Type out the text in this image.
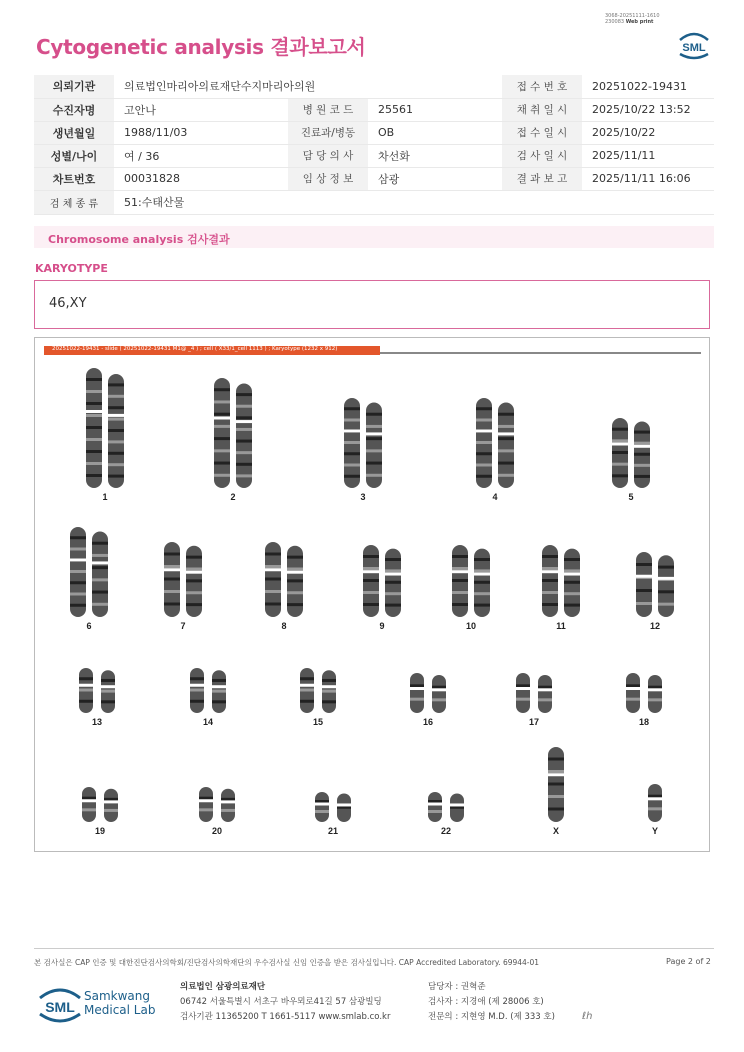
3068-20251111-1610
230083 Web print
Cytogenetic analysis 결과보고서	SML
의뢰기관	의료법인마리아의료재단수지마리아의원			접 수 번 호	20251022-19431
수진자명	고안나	병 원 코 드	25561	채 취 일 시	2025/10/22 13:52
생년월일	1988/11/03	진료과/병동	OB	접 수 일 시	2025/10/22
성별/나이	여 / 36	담 당 의 사	차선화	검 사 일 시	2025/11/11
차트번호	00031828	임 상 정 보	삼광	결 과 보 고	2025/11/11 16:06
검 체 종 류	51:수태산물				
Chromosome analysis 검사결과
KARYOTYPE
46,XY
20251022-19431 - slide ( 20251022-19431 M1@ _4 ) ; cell ( X33/1_cell 1113 ) ; Karyotype (1232 x 912)
1	2	3	4	5
6	7	8	9	10	11	12
13	14	15	16	17	18
19	20	21	22	X	Y
본 검사실은 CAP 인증 및 대한진단검사의학회/진단검사의학재단의 우수검사실 신임 인증을 받은 검사실입니다. CAP Accredited Laboratory. 69944-01	Page 2 of 2
SML
Samkwang
Medical Lab
의료법인 삼광의료재단
06742 서울특별시 서초구 바우뫼로41길 57 삼광빌딩
검사기관 11365200 T 1661-5117 www.smlab.co.kr
담당자 : 권혁준
검사자 : 지경애 (제 28006 호)
전문의 : 지현영 M.D. (제 333 호)	ℓh
